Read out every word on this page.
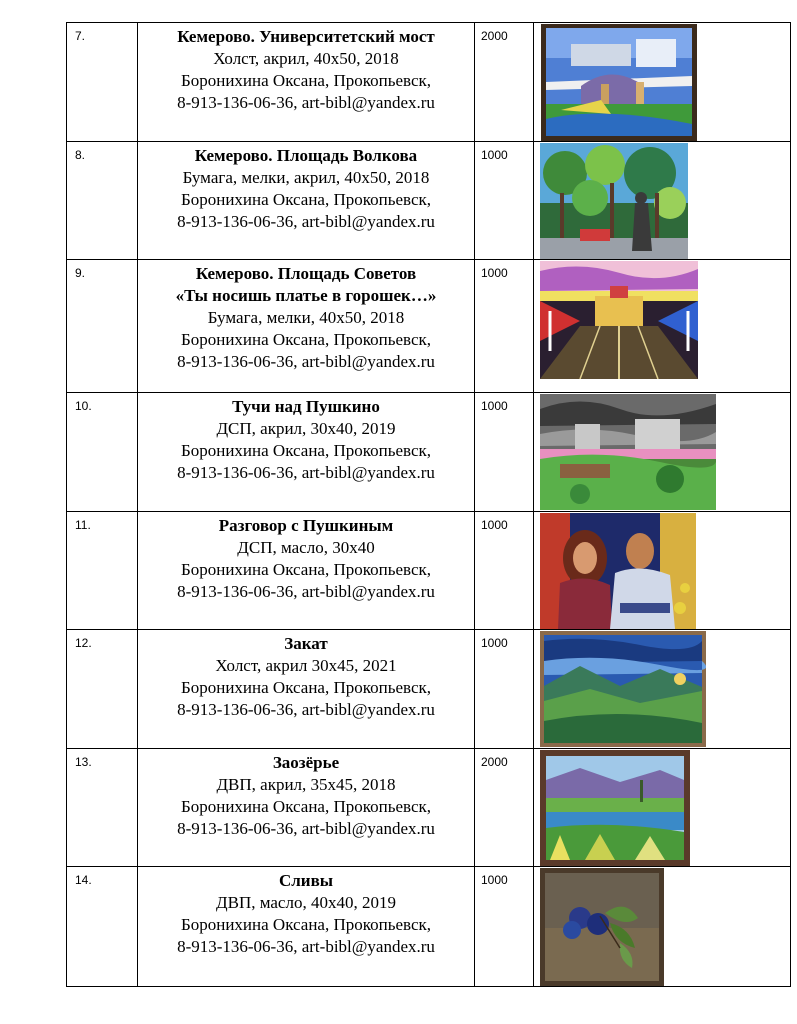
7.	Кемерово. Университетский мост
Холст, акрил, 40х50, 2018
Боронихина Оксана, Прокопьевск,
8-913-136-06-36, art-bibl@yandex.ru	2000	

8.	Кемерово. Площадь Волкова
Бумага, мелки, акрил, 40х50, 2018
Боронихина Оксана, Прокопьевск,
8-913-136-06-36, art-bibl@yandex.ru	1000	

9.	Кемерово. Площадь Советов
«Ты носишь платье в горошек…»
Бумага, мелки, 40х50, 2018
Боронихина Оксана, Прокопьевск,
8-913-136-06-36, art-bibl@yandex.ru	1000	

10.	Тучи над Пушкино
ДСП, акрил, 30х40, 2019
Боронихина Оксана, Прокопьевск,
8-913-136-06-36, art-bibl@yandex.ru	1000	

11.	Разговор с Пушкиным
ДСП, масло, 30х40
Боронихина Оксана, Прокопьевск,
8-913-136-06-36, art-bibl@yandex.ru	1000	

12.	Закат
Холст, акрил 30х45, 2021
Боронихина Оксана, Прокопьевск,
8-913-136-06-36, art-bibl@yandex.ru	1000	

13.	Заозёрье
ДВП, акрил, 35х45, 2018
Боронихина Оксана, Прокопьевск,
8-913-136-06-36, art-bibl@yandex.ru	2000	

14.	Сливы
ДВП, масло, 40х40, 2019
Боронихина Оксана, Прокопьевск,
8-913-136-06-36, art-bibl@yandex.ru	1000	
